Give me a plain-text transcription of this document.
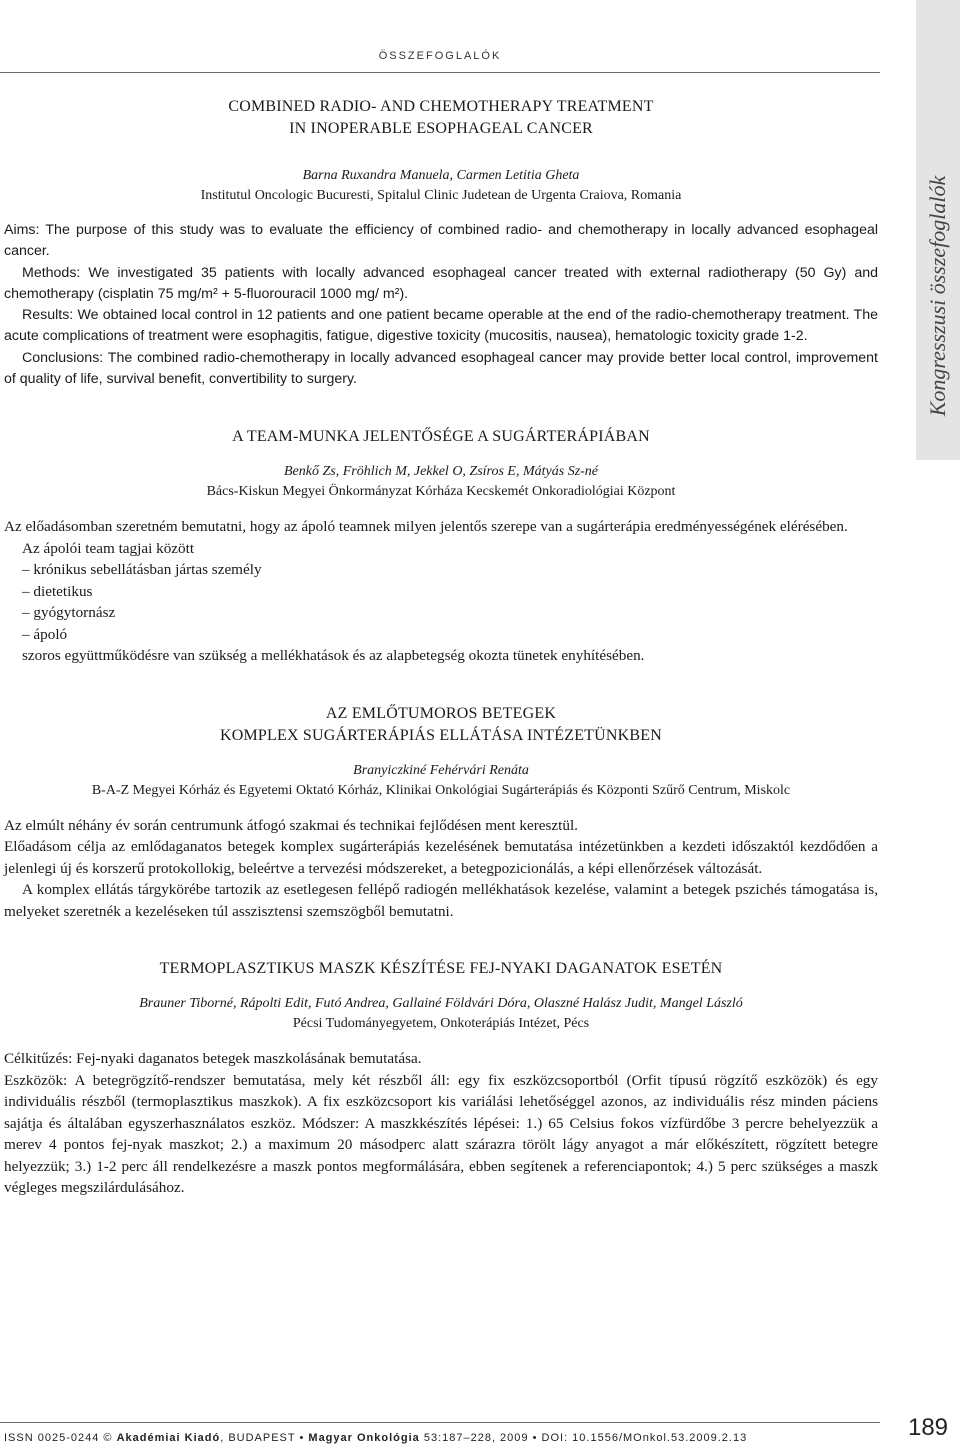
ÖSSZEFOGLALÓK
Kongresszusi összefoglalók
COMBINED RADIO- AND CHEMOTHERAPY TREATMENT
IN INOPERABLE ESOPHAGEAL CANCER
Barna Ruxandra Manuela, Carmen Letitia Gheta
Institutul Oncologic Bucuresti, Spitalul Clinic Judetean de Urgenta Craiova, Romania

Aims: The purpose of this study was to evaluate the efficiency of combined radio- and chemotherapy in locally advanced esophageal cancer.

Methods: We investigated 35 patients with locally advanced esophageal cancer treated with external radiotherapy (50 Gy) and chemotherapy (cisplatin 75 mg/m² + 5-fluorouracil 1000 mg/ m²).

Results: We obtained local control in 12 patients and one patient became operable at the end of the radio-chemotherapy treatment. The acute complications of treatment were esophagitis, fatigue, digestive toxicity (mucositis, nausea), hematologic toxicity grade 1-2.

Conclusions: The combined radio-chemotherapy in locally advanced esophageal cancer may provide better local control, improvement of quality of life, survival benefit, convertibility to surgery.

A TEAM-MUNKA JELENTŐSÉGE A SUGÁRTERÁPIÁBAN
Benkő Zs, Fröhlich M, Jekkel O, Zsíros E, Mátyás Sz-né
Bács-Kiskun Megyei Önkormányzat Kórháza Kecskemét Onkoradiológiai Központ

Az előadásomban szeretném bemutatni, hogy az ápoló teamnek milyen jelentős szerepe van a sugárterápia eredményességének elérésében.

Az ápolói team tagjai között

– krónikus sebellátásban jártas személy

– dietetikus

– gyógytornász

– ápoló

szoros együttműködésre van szükség a mellékhatások és az alapbetegség okozta tünetek enyhítésében.

AZ EMLŐTUMOROS BETEGEK
KOMPLEX SUGÁRTERÁPIÁS ELLÁTÁSA INTÉZETÜNKBEN
Branyiczkiné Fehérvári Renáta
B-A-Z Megyei Kórház és Egyetemi Oktató Kórház, Klinikai Onkológiai Sugárterápiás és Központi Szűrő Centrum, Miskolc

Az elmúlt néhány év során centrumunk átfogó szakmai és technikai fejlődésen ment keresztül.

Előadásom célja az emlődaganatos betegek komplex sugárterápiás kezelésének bemutatása intézetünkben a kezdeti időszaktól kezdődően a jelenlegi új és korszerű protokollokig, beleértve a tervezési módszereket, a betegpozicionálás, a képi ellenőrzések változását.

A komplex ellátás tárgykörébe tartozik az esetlegesen fellépő radiogén mellékhatások kezelése, valamint a betegek pszichés támogatása is, melyeket szeretnék a kezeléseken túl asszisztensi szemszögből bemutatni.

TERMOPLASZTIKUS MASZK KÉSZÍTÉSE FEJ-NYAKI DAGANATOK ESETÉN
Brauner Tiborné, Rápolti Edit, Futó Andrea, Gallainé Földvári Dóra, Olaszné Halász Judit, Mangel László
Pécsi Tudományegyetem, Onkoterápiás Intézet, Pécs

Célkitűzés: Fej-nyaki daganatos betegek maszkolásának bemutatása.

Eszközök: A betegrögzítő-rendszer bemutatása, mely két részből áll: egy fix eszközcsoportból (Orfit típusú rögzítő eszközök) és egy individuális részből (termoplasztikus maszkok). A fix eszközcsoport kis variálási lehetőséggel azonos, az individuális rész minden páciens sajátja és általában egyszerhasználatos eszköz. Módszer: A maszkkészítés lépései: 1.) 65 Celsius fokos vízfürdőbe 3 percre behelyezzük a merev 4 pontos fej-nyak maszkot; 2.) a maximum 20 másodperc alatt szárazra törölt lágy anyagot a már előkészített, rögzített betegre helyezzük; 3.) 1-2 perc áll rendelkezésre a maszk pontos megformálására, ebben segítenek a referenciapontok; 4.) 5 perc szükséges a maszk végleges megszilárdulásához.

ISSN 0025-0244 © Akadémiai Kiadó, BUDAPEST • Magyar Onkológia 53:187–228, 2009 • DOI: 10.1556/MOnkol.53.2009.2.13	189
